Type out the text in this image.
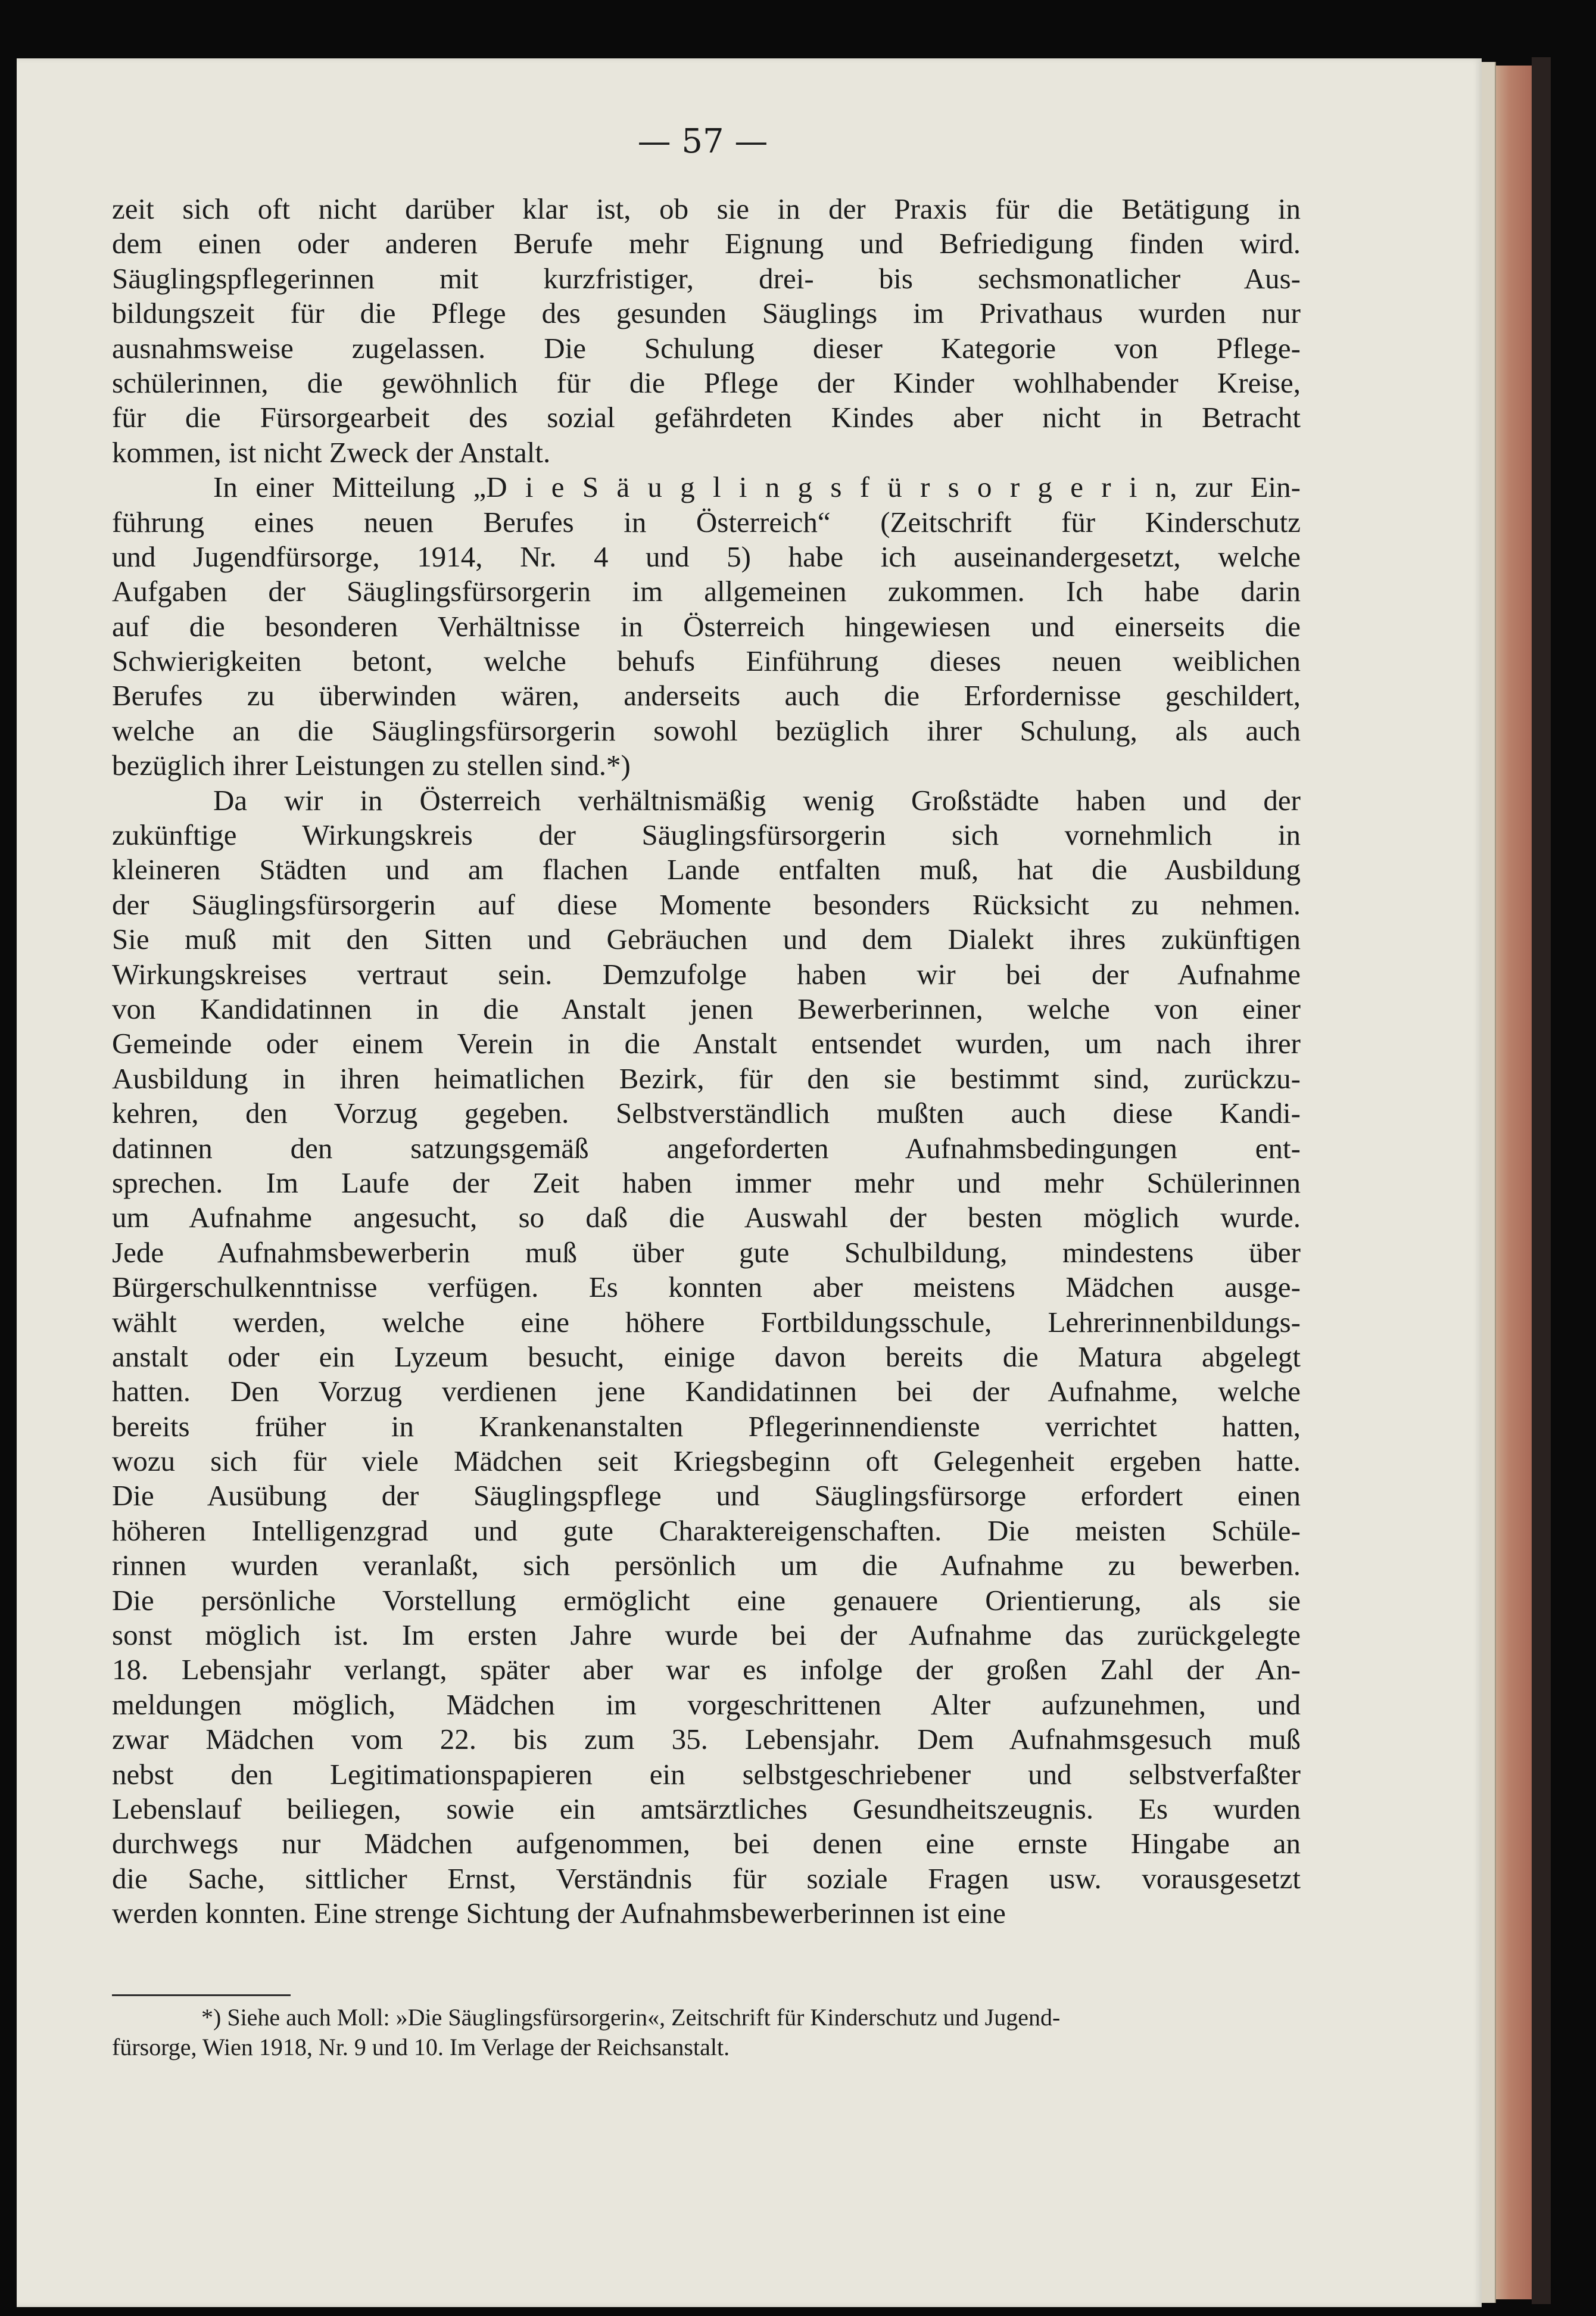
— 57 —
zeit sich oft nicht darüber klar ist, ob sie in der Praxis für die Betätigung in
dem einen oder anderen Berufe mehr Eignung und Befriedigung finden wird.
Säuglingspflegerinnen mit kurzfristiger, drei- bis sechsmonatlicher Aus-
bildungszeit für die Pflege des gesunden Säuglings im Privathaus wurden nur
ausnahmsweise zugelassen. Die Schulung dieser Kategorie von Pflege-
schülerinnen, die gewöhnlich für die Pflege der Kinder wohlhabender Kreise,
für die Fürsorgearbeit des sozial gefährdeten Kindes aber nicht in Betracht
kommen, ist nicht Zweck der Anstalt.
In einer Mitteilung „D i e S ä u g l i n g s f ü r s o r g e r i n, zur Ein-
führung eines neuen Berufes in Österreich“ (Zeitschrift für Kinderschutz
und Jugendfürsorge, 1914, Nr. 4 und 5) habe ich auseinandergesetzt, welche
Aufgaben der Säuglingsfürsorgerin im allgemeinen zukommen. Ich habe darin
auf die besonderen Verhältnisse in Österreich hingewiesen und einerseits die
Schwierigkeiten betont, welche behufs Einführung dieses neuen weiblichen
Berufes zu überwinden wären, anderseits auch die Erfordernisse geschildert,
welche an die Säuglingsfürsorgerin sowohl bezüglich ihrer Schulung, als auch
bezüglich ihrer Leistungen zu stellen sind.*)
Da wir in Österreich verhältnismäßig wenig Großstädte haben und der
zukünftige Wirkungskreis der Säuglingsfürsorgerin sich vornehmlich in
kleineren Städten und am flachen Lande entfalten muß, hat die Ausbildung
der Säuglingsfürsorgerin auf diese Momente besonders Rücksicht zu nehmen.
Sie muß mit den Sitten und Gebräuchen und dem Dialekt ihres zukünftigen
Wirkungskreises vertraut sein. Demzufolge haben wir bei der Aufnahme
von Kandidatinnen in die Anstalt jenen Bewerberinnen, welche von einer
Gemeinde oder einem Verein in die Anstalt entsendet wurden, um nach ihrer
Ausbildung in ihren heimatlichen Bezirk, für den sie bestimmt sind, zurückzu-
kehren, den Vorzug gegeben. Selbstverständlich mußten auch diese Kandi-
datinnen den satzungsgemäß angeforderten Aufnahmsbedingungen ent-
sprechen. Im Laufe der Zeit haben immer mehr und mehr Schülerinnen
um Aufnahme angesucht, so daß die Auswahl der besten möglich wurde.
Jede Aufnahmsbewerberin muß über gute Schulbildung, mindestens über
Bürgerschulkenntnisse verfügen. Es konnten aber meistens Mädchen ausge-
wählt werden, welche eine höhere Fortbildungsschule, Lehrerinnenbildungs-
anstalt oder ein Lyzeum besucht, einige davon bereits die Matura abgelegt
hatten. Den Vorzug verdienen jene Kandidatinnen bei der Aufnahme, welche
bereits früher in Krankenanstalten Pflegerinnendienste verrichtet hatten,
wozu sich für viele Mädchen seit Kriegsbeginn oft Gelegenheit ergeben hatte.
Die Ausübung der Säuglingspflege und Säuglingsfürsorge erfordert einen
höheren Intelligenzgrad und gute Charaktereigenschaften. Die meisten Schüle-
rinnen wurden veranlaßt, sich persönlich um die Aufnahme zu bewerben.
Die persönliche Vorstellung ermöglicht eine genauere Orientierung, als sie
sonst möglich ist. Im ersten Jahre wurde bei der Aufnahme das zurückgelegte
18. Lebensjahr verlangt, später aber war es infolge der großen Zahl der An-
meldungen möglich, Mädchen im vorgeschrittenen Alter aufzunehmen, und
zwar Mädchen vom 22. bis zum 35. Lebensjahr. Dem Aufnahmsgesuch muß
nebst den Legitimationspapieren ein selbstgeschriebener und selbstverfaßter
Lebenslauf beiliegen, sowie ein amtsärztliches Gesundheitszeugnis. Es wurden
durchwegs nur Mädchen aufgenommen, bei denen eine ernste Hingabe an
die Sache, sittlicher Ernst, Verständnis für soziale Fragen usw. vorausgesetzt
werden konnten. Eine strenge Sichtung der Aufnahmsbewerberinnen ist eine
*) Siehe auch Moll: »Die Säuglingsfürsorgerin«, Zeitschrift für Kinderschutz und Jugend-
fürsorge, Wien 1918, Nr. 9 und 10. Im Verlage der Reichsanstalt.
